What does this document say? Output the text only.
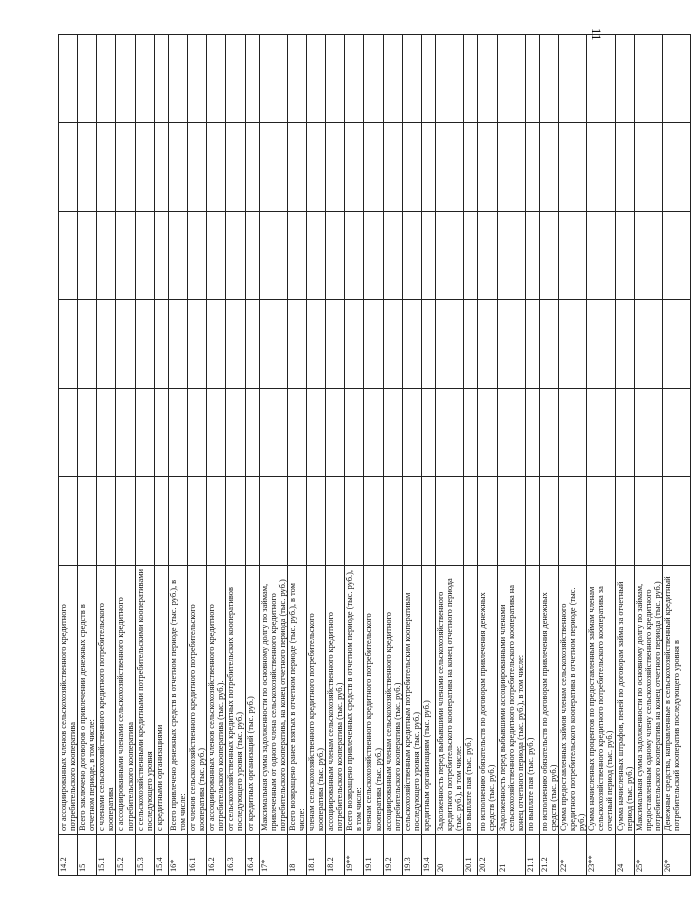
11
14.2	от ассоциированных членов сельскохозяйственного кредитного потребительского кооператива						
15	Всего заключено договоров о привлечении денежных средств в отчетном периоде, в том числе:						
15.1	с членами сельскохозяйственного кредитного потребительского кооператива						
15.2	с ассоциированными членами сельскохозяйственного кредитного потребительского кооператива						
15.3	с сельскохозяйственными кредитными потребительскими кооперативами последующего уровня						
15.4	с кредитными организациями						
16*	Всего привлечено денежных средств в отчетном периоде (тыс. руб.), в том числе:						
16.1	от членов сельскохозяйственного кредитного потребительского кооператива (тыс. руб.)						
16.2	от ассоциированных членов сельскохозяйственного кредитного потребительского кооператива (тыс. руб.).						
16.3	от сельскохозяйственных кредитных потребительских кооперативов последующего уровня (тыс. руб.)						
16.4	от кредитных организаций (тыс. руб.)						
17*	Максимальная сумма задолженности по основному долгу по займам, привлеченным от одного члена сельскохозяйственного кредитного потребительского кооператива, на конец отчетного периода (тыс. руб.)						
18	Всего возвращено ранее взятых в отчетном периоде (тыс. руб.), в том числе:						
18.1	членам сельскохозяйственного кредитного потребительского кооператива (тыс. руб.)						
18.2	ассоциированным членам сельскохозяйственного кредитного потребительского кооператива (тыс. руб.)						
19**	Всего возвращено привлеченных средств в отчетном периоде (тыс. руб.), в том числе:						
19.1	членам сельскохозяйственного кредитного потребительского кооператива (тыс. руб.)						
19.2	ассоциированным членам сельскохозяйственного кредитного потребительского кооператива (тыс. руб.)						
19.3	сельскохозяйственным кредитным потребительским кооперативам последующего уровня (тыс. руб.)						
19.4	кредитным организациям (тыс. руб.)						
20	Задолженность перед выбывшими членами сельскохозяйственного кредитного потребительского кооператива на конец отчетного периода (тыс. руб.), в том числе:						
20.1	по выплате пая (тыс. руб.)						
20.2	по исполнению обязательств по договорам привлечения денежных средств (тыс. руб.)						
21	Задолженность перед выбывшими ассоциированными членами сельскохозяйственного кредитного потребительского кооператива на конец отчетного периода (тыс. руб.), в том числе:						
21.1	по выплате пая (тыс. руб.)						
21.2	по исполнению обязательств по договорам привлечения денежных средств (тыс. руб.)						
22*	Сумма предоставленных займов членам сельскохозяйственного кредитного потребительского кооператива в отчетном периоде (тыс. руб.)						
23**	Сумма начисленных процентов по предоставленным займам членам сельскохозяйственного кредитного потребительского кооператива за отчетный период (тыс. руб.)						
24	Сумма начисленных штрафов, пеней по договорам займа за отчетный период (тыс. руб.)						
25*	Максимальная сумма задолженности по основному долгу по займам, предоставленным одному члену сельскохозяйственного кредитного потребительского кооператива на конец отчетного периода (тыс. руб.)						
26*	Денежные средства, направленные в сельскохозяйственный кредитный потребительский кооператив последующего уровня в						
